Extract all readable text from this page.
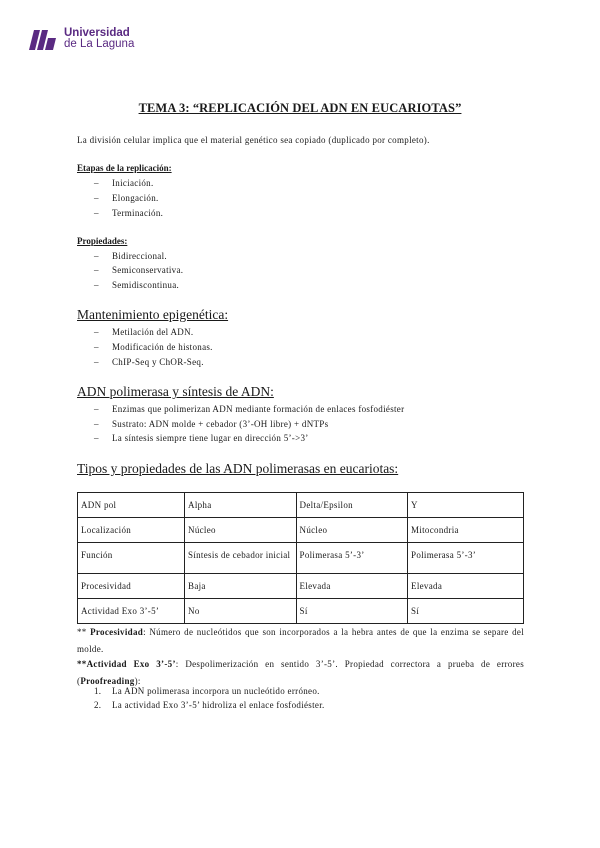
Universidad
de La Laguna
TEMA 3: “REPLICACIÓN DEL ADN EN EUCARIOTAS”
La división celular implica que el material genético sea copiado (duplicado por completo).
Etapas de la replicación:
– Iniciación.
– Elongación.
– Terminación.
Propiedades:
– Bidireccional.
– Semiconservativa.
– Semidiscontinua.
Mantenimiento epigenética:
– Metilación del ADN.
– Modificación de histonas.
– ChIP-Seq y ChOR-Seq.
ADN polimerasa y síntesis de ADN:
– Enzimas que polimerizan ADN mediante formación de enlaces fosfodiéster
– Sustrato: ADN molde + cebador (3’-OH libre) + dNTPs
– La síntesis siempre tiene lugar en dirección 5’->3’
Tipos y propiedades de las ADN polimerasas en eucariotas:
ADN pol	Alpha	Delta/Epsilon	Y
Localización	Núcleo	Núcleo	Mitocondria
Función	Síntesis de cebador inicial	Polimerasa 5’-3’	Polimerasa 5’-3’
Procesividad	Baja	Elevada	Elevada
Actividad Exo 3’-5’	No	Sí	Sí
** Procesividad: Número de nucleótidos que son incorporados a la hebra antes de que la enzima se separe del molde.
**Actividad Exo 3’-5’: Despolimerización en sentido 3’-5’. Propiedad correctora a prueba de errores (Proofreading):
1. La ADN polimerasa incorpora un nucleótido erróneo.
2. La actividad Exo 3’-5’ hidroliza el enlace fosfodiéster.
